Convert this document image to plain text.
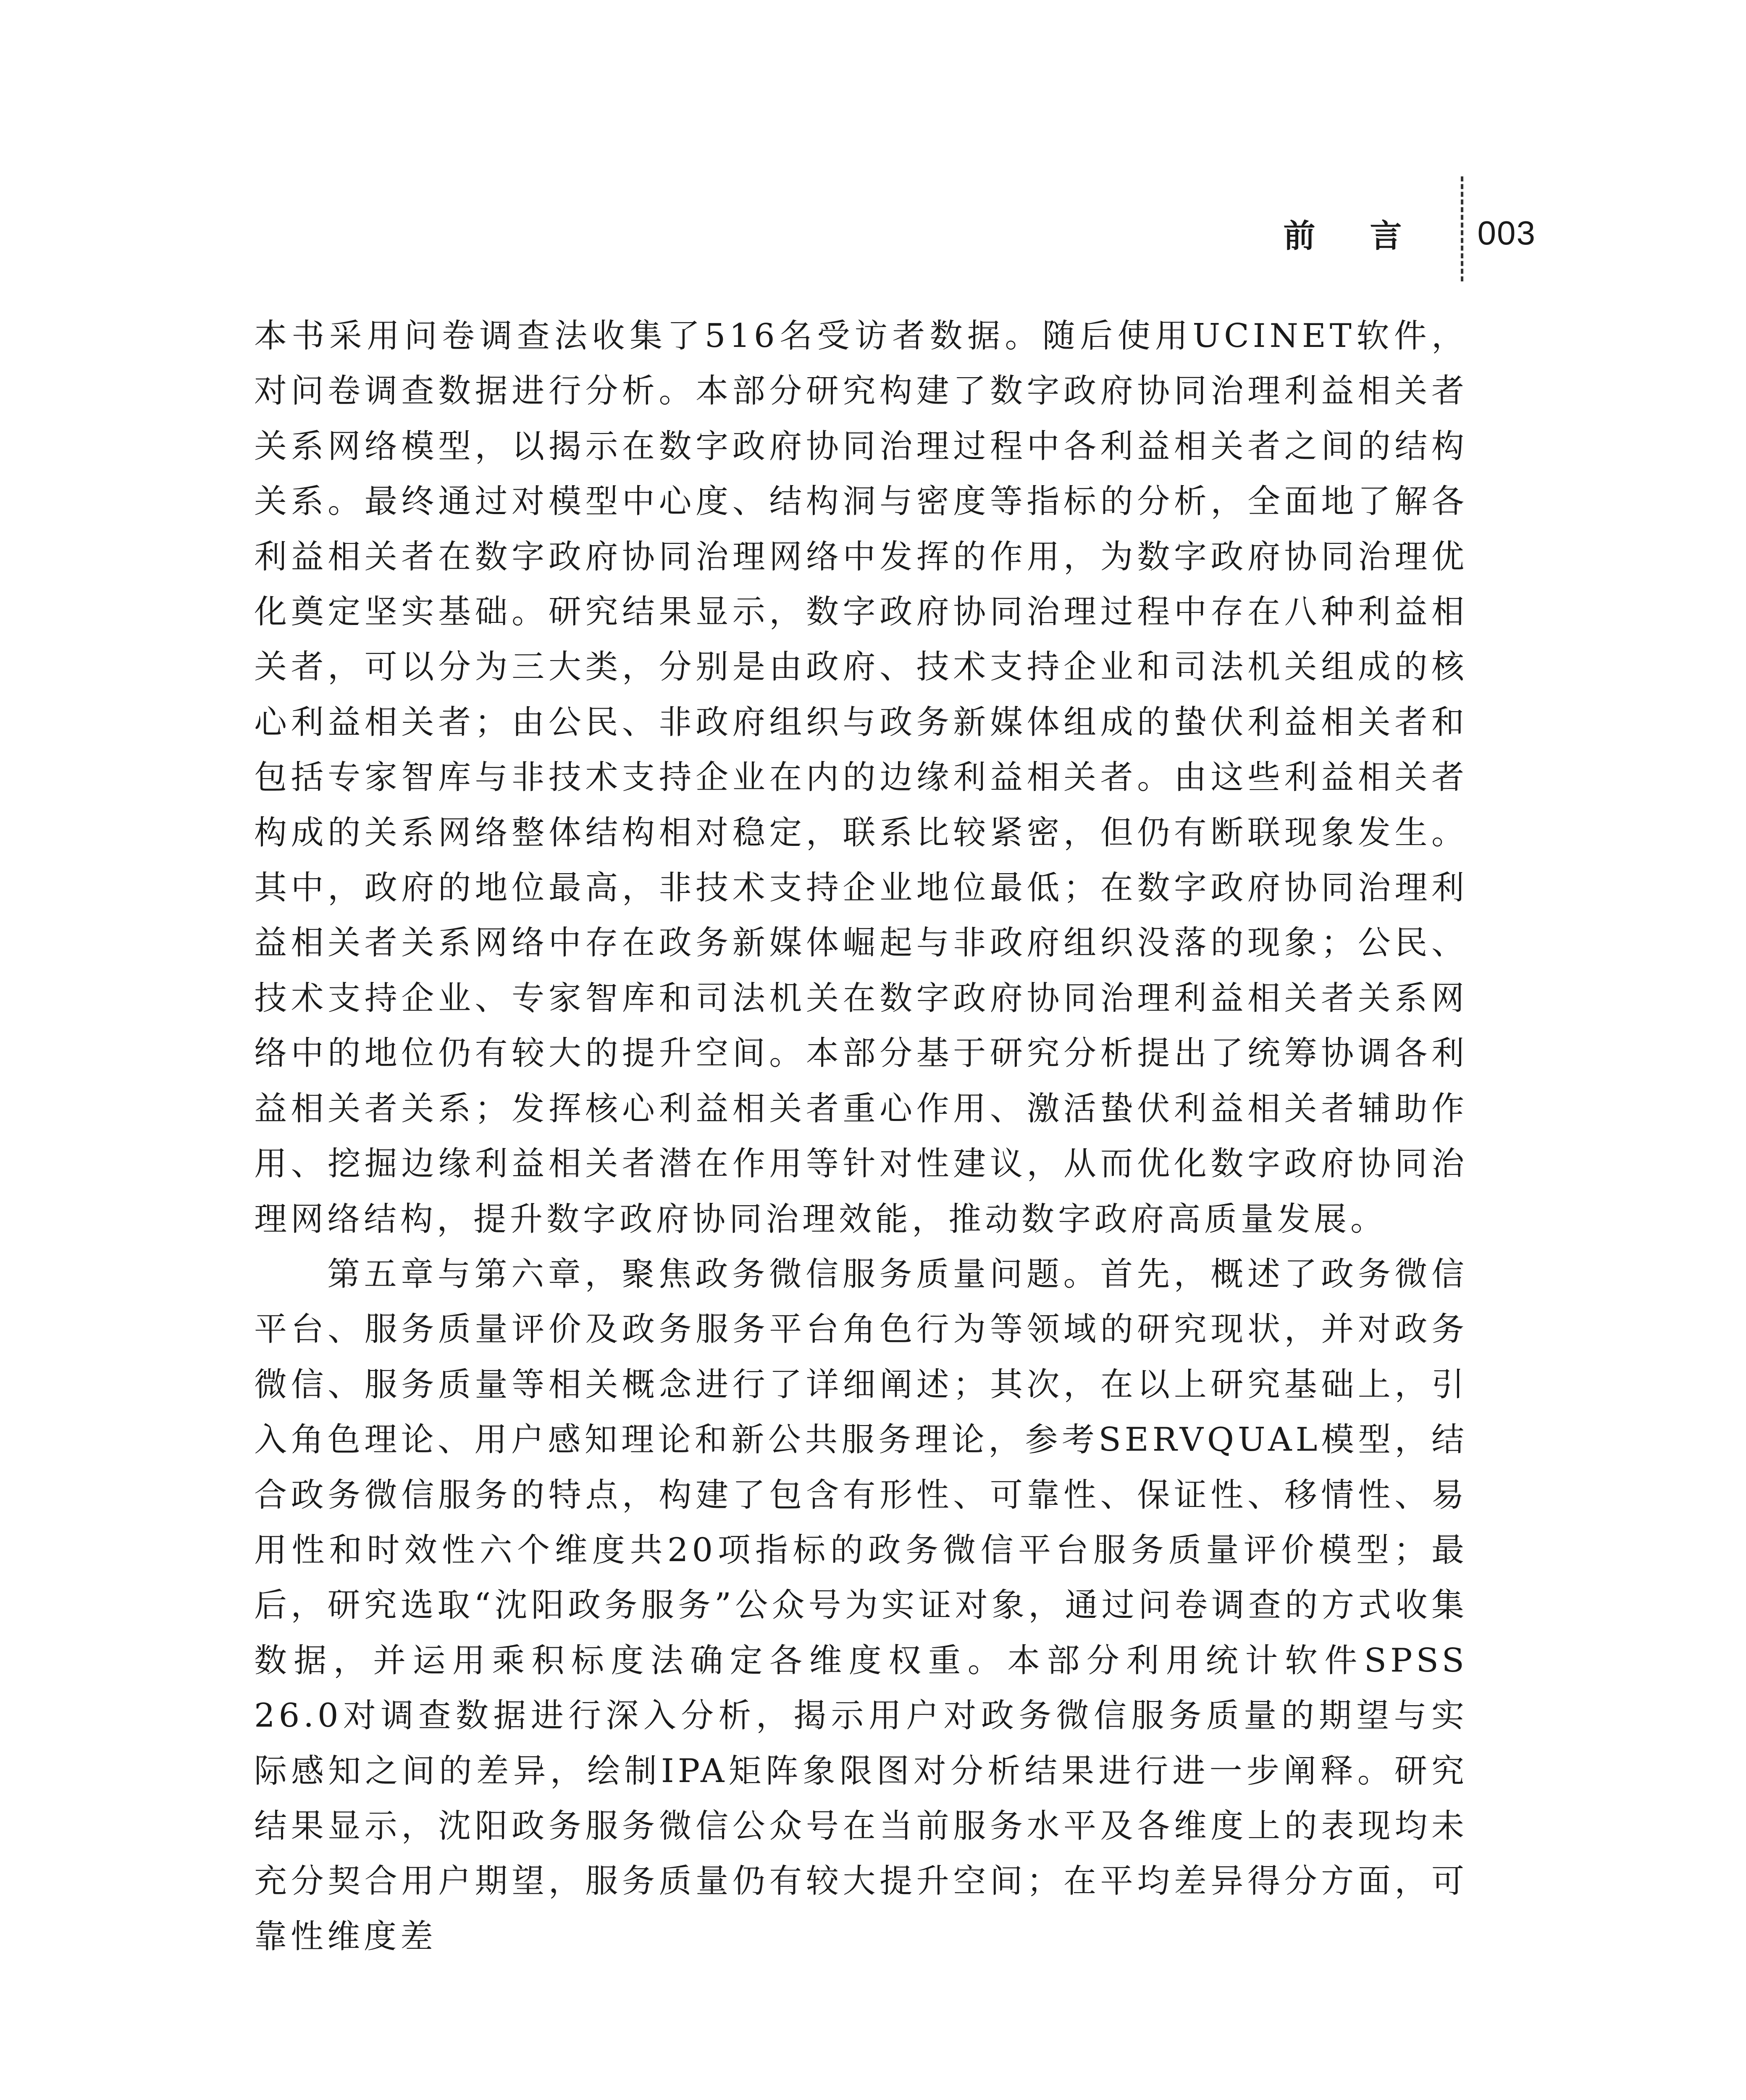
前言 003

本书采用问卷调查法收集了516名受访者数据。随后使用UCINET软件，对问卷调查数据进行分析。本部分研究构建了数字政府协同治理利益相关者关系网络模型，以揭示在数字政府协同治理过程中各利益相关者之间的结构关系。最终通过对模型中心度、结构洞与密度等指标的分析，全面地了解各利益相关者在数字政府协同治理网络中发挥的作用，为数字政府协同治理优化奠定坚实基础。研究结果显示，数字政府协同治理过程中存在八种利益相关者，可以分为三大类，分别是由政府、技术支持企业和司法机关组成的核心利益相关者；由公民、非政府组织与政务新媒体组成的蛰伏利益相关者和包括专家智库与非技术支持企业在内的边缘利益相关者。由这些利益相关者构成的关系网络整体结构相对稳定，联系比较紧密，但仍有断联现象发生。其中，政府的地位最高，非技术支持企业地位最低；在数字政府协同治理利益相关者关系网络中存在政务新媒体崛起与非政府组织没落的现象；公民、技术支持企业、专家智库和司法机关在数字政府协同治理利益相关者关系网络中的地位仍有较大的提升空间。本部分基于研究分析提出了统筹协调各利益相关者关系；发挥核心利益相关者重心作用、激活蛰伏利益相关者辅助作用、挖掘边缘利益相关者潜在作用等针对性建议，从而优化数字政府协同治理网络结构，提升数字政府协同治理效能，推动数字政府高质量发展。

第五章与第六章，聚焦政务微信服务质量问题。首先，概述了政务微信平台、服务质量评价及政务服务平台角色行为等领域的研究现状，并对政务微信、服务质量等相关概念进行了详细阐述；其次，在以上研究基础上，引入角色理论、用户感知理论和新公共服务理论，参考SERVQUAL模型，结合政务微信服务的特点，构建了包含有形性、可靠性、保证性、移情性、易用性和时效性六个维度共20项指标的政务微信平台服务质量评价模型；最后，研究选取“沈阳政务服务”公众号为实证对象，通过问卷调查的方式收集数据，并运用乘积标度法确定各维度权重。本部分利用统计软件SPSS 26.0对调查数据进行深入分析，揭示用户对政务微信服务质量的期望与实际感知之间的差异，绘制IPA矩阵象限图对分析结果进行进一步阐释。研究结果显示，沈阳政务服务微信公众号在当前服务水平及各维度上的表现均未充分契合用户期望，服务质量仍有较大提升空间；在平均差异得分方面，可靠性维度差
